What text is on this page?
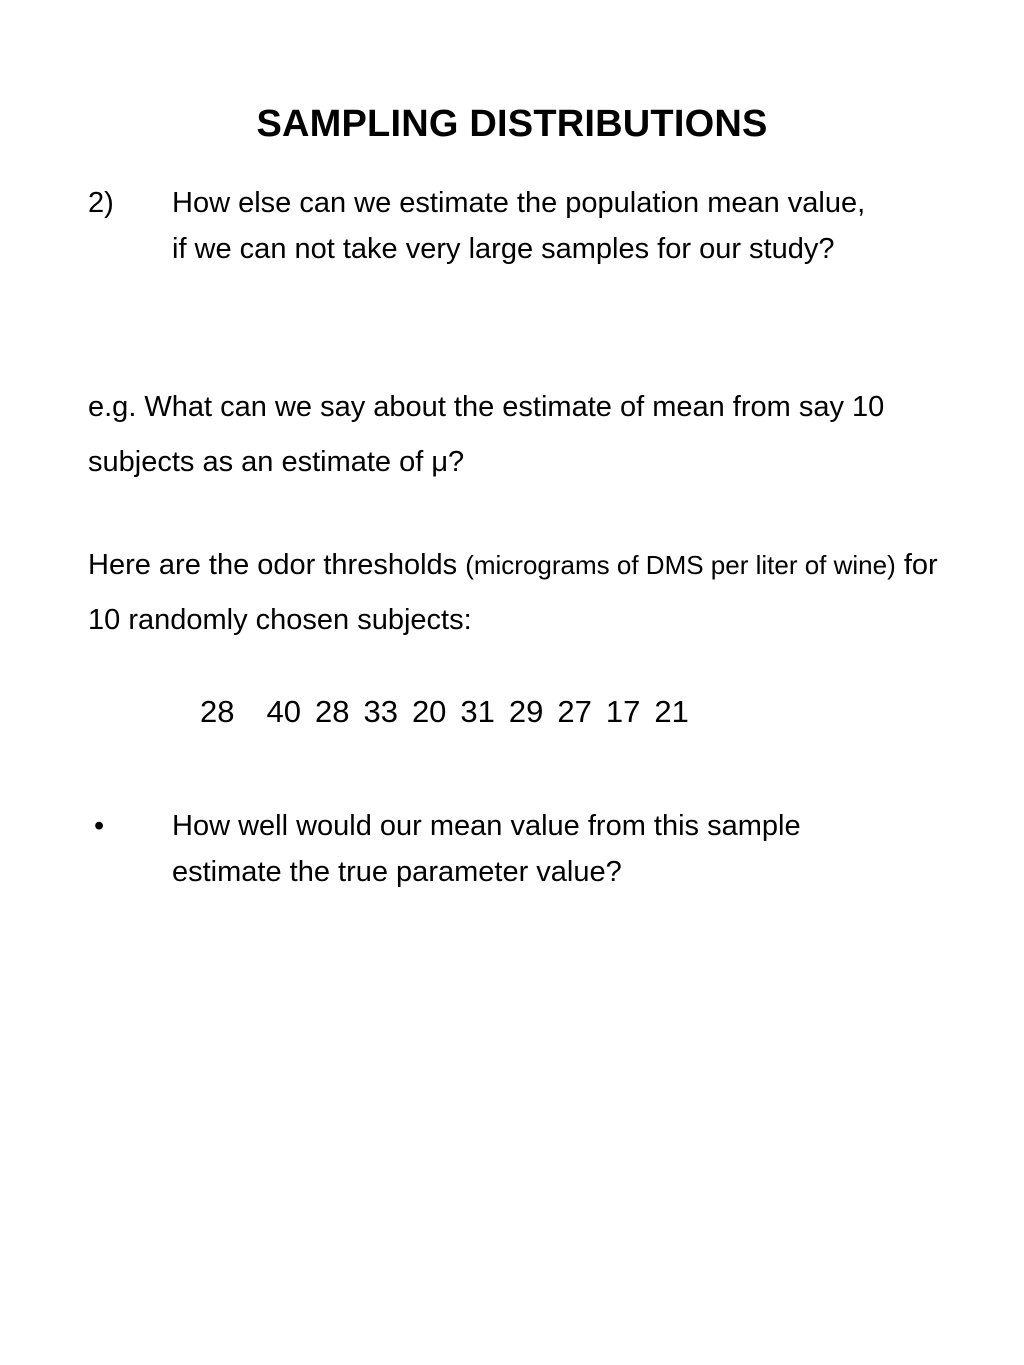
SAMPLING DISTRIBUTIONS
2)	How else can we estimate the population mean value, if we can not take very large samples for our study?
e.g. What can we say about the estimate of mean from say 10 subjects as an estimate of μ?
Here are the odor thresholds (micrograms of DMS per liter of wine) for 10 randomly chosen subjects:
28 40 28 33 20 31 29 27 17 21
•	How well would our mean value from this sample estimate the true parameter value?
